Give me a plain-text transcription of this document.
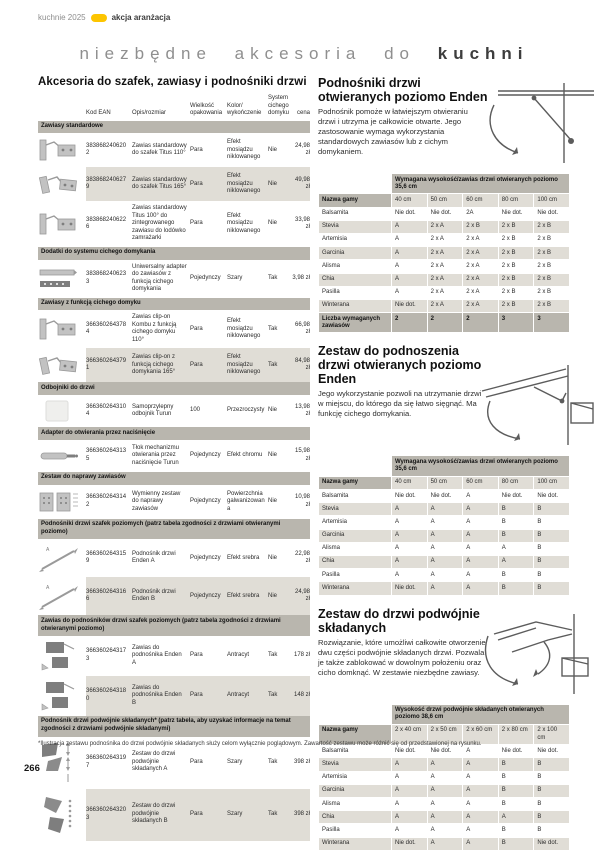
kuchnie 2025	akcja aranżacja
niezbędne akcesoria do kuchni
Akcesoria do szafek, zawiasy i podnośniki drzwi
	Kod EAN	Opis/rozmiar	Wielkość opakowania	Kolor/ wykończenie	System cichego domyku	cena
Zawiasy standardowe						

	3838682406202	Zawias standardowy do szafek Titus 110°	Para	Efekt mosiądzu niklowanego	Nie	24,98 zł

	3838682406279	Zawias standardowy do szafek Titus 165°	Para	Efekt mosiądzu niklowanego	Nie	49,98 zł

	3838682406226	Zawias standardowy Titus 100° do zintegrowanego zawiasu do lodówko zamrażarki	Para	Efekt mosiądzu niklowanego	Nie	33,98 zł
Dodatki do systemu cichego domykania						

	3838682406233	Uniwersalny adapter do zawiasów z funkcją cichego domykania	Pojedynczy	Szary	Tak	3,98 zł
Zawiasy z funkcją cichego domyku						

	3663602643784	Zawias clip-on Kombu z funkcją cichego domyku 110°	Para	Efekt mosiądzu niklowanego	Tak	66,98 zł

	3663602643791	Zawias clip-on z funkcją cichego domykania 165°	Para	Efekt mosiądzu niklowanego	Tak	84,98 zł
Odbojniki do drzwi						

	3663602643104	Samoprzylepny odbojnik Turun	100	Przezroczysty	Nie	13,98 zł
Adapter do otwierania przez naciśnięcie						

	3663602643135	Tłok mechanizmu otwierania przez naciśnięcie Turun	Pojedynczy	Efekt chromu	Nie	15,98 zł
Zestaw do naprawy zawiasów						

	3663602643142	Wymienny zestaw do naprawy zawiasów	Pojedynczy	Powierzchnia galwanizowana	Nie	10,98 zł
Podnośniki drzwi szafek poziomych (patrz tabela zgodności z drzwiami otwieranymi poziomo)						

A	3663602643159	Podnośnik drzwi Enden A	Pojedynczy	Efekt srebra	Nie	22,98 zł

A	3663602643166	Podnośnik drzwi Enden B	Pojedynczy	Efekt srebra	Nie	24,98 zł
Zawias do podnośników drzwi szafek poziomych (patrz tabela zgodności z drzwiami otwieranymi poziomo)						

	3663602643173	Zawias do podnośnika Enden A	Para	Antracyt	Tak	178 zł

	3663602643180	Zawias do podnośnika Enden B	Para	Antracyt	Tak	148 zł
Podnośnik drzwi podwójnie składanych* (patrz tabela, aby uzyskać informacje na temat zgodności z drzwiami podwójnie składanymi)						

	3663602643197	Zestaw do drzwi podwójnie składanych A	Para	Szary	Tak	398 zł

	3663602643203	Zestaw do drzwi podwójnie składanych B	Para	Szary	Tak	398 zł
Podnośniki drzwi otwieranych poziomo Enden

Podnośnik pomoże w łatwiejszym otwieraniu drzwi i utrzyma je całkowicie otwarte. Jego zastosowanie wymaga wykorzystania standardowych zawiasów lub z cichym domykaniem.

	Wymagana wysokość/zawias drzwi otwieranych poziomo 35,6 cm				
Nazwa gamy	40 cm	50 cm	60 cm	80 cm	100 cm
Balsamita	Nie dot.	Nie dot.	2A	Nie dot.	Nie dot.
Stevia	A	2 x A	2 x B	2 x B	2 x B
Artemisia	A	2 x A	2 x A	2 x B	2 x B
Garcinia	A	2 x A	2 x A	2 x B	2 x B
Alisma	A	2 x A	2 x A	2 x B	2 x B
Chia	A	2 x A	2 x A	2 x B	2 x B
Pasilla	A	2 x A	2 x A	2 x B	2 x B
Winterana	Nie dot.	2 x A	2 x A	2 x B	2 x B
Liczba wymaganych zawiasów	2	2	2	3	3
Zestaw do podnoszenia drzwi otwieranych poziomo Enden

Jego wykorzystanie pozwoli na utrzymanie drzwi w miejscu, do którego da się łatwo sięgnąć. Ma funkcję cichego domykania.

	Wymagana wysokość/zawias drzwi otwieranych poziomo 35,6 cm				
Nazwa gamy	40 cm	50 cm	60 cm	80 cm	100 cm
Balsamita	Nie dot.	Nie dot.	A	Nie dot.	Nie dot.
Stevia	A	A	A	B	B
Artemisia	A	A	A	B	B
Garcinia	A	A	A	B	B
Alisma	A	A	A	A	B
Chia	A	A	A	A	B
Pasilla	A	A	A	B	B
Winterana	Nie dot.	A	A	B	B
Zestaw do drzwi podwójnie składanych

Rozwiązanie, które umożliwi całkowite otworzenie dwu części podwójnie składanych drzwi. Pozwala je także zablokować w dowolnym położeniu oraz cicho domknąć. W zestawie niezbędne zawiasy.

	Wysokość drzwi podwójnie składanych otwieranych poziomo 38,6 cm				
Nazwa gamy	2 x 40 cm	2 x 50 cm	2 x 60 cm	2 x 80 cm	2 x 100 cm
Balsamita	Nie dot.	Nie dot.	A	Nie dot.	Nie dot.
Stevia	A	A	A	B	B
Artemisia	A	A	A	B	B
Garcinia	A	A	A	B	B
Alisma	A	A	A	B	B
Chia	A	A	A	A	B
Pasilla	A	A	A	B	B
Winterana	Nie dot.	A	A	B	Nie dot.
*Ilustracja zestawu podnośnika do drzwi podwójnie składanych służy celom wyłącznie poglądowym. Zawartość zestawu może różnić się od przedstawionej na rysunku.
266
